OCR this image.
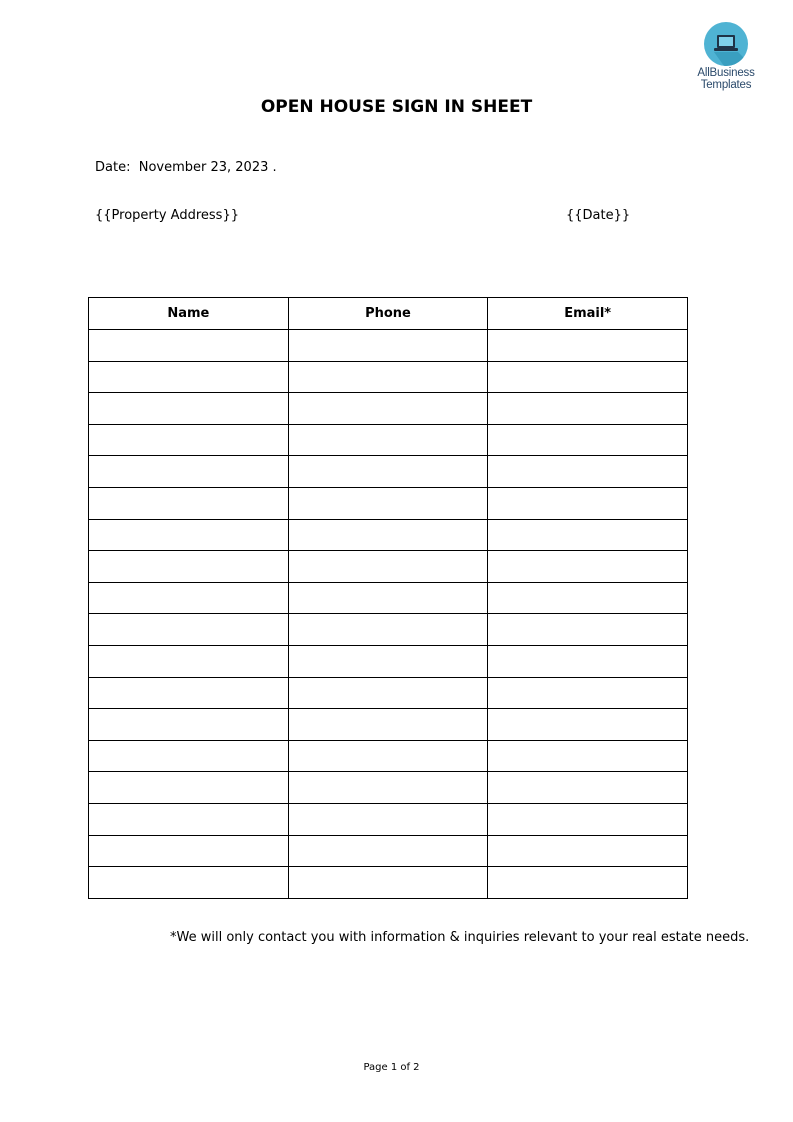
AllBusiness
Templates
OPEN HOUSE SIGN IN SHEET
Date:  November 23, 2023 .
{{Property Address}}	{{Date}}
Name	Phone	Email*

*We will only contact you with information & inquiries relevant to your real estate needs.
Page 1 of 2
